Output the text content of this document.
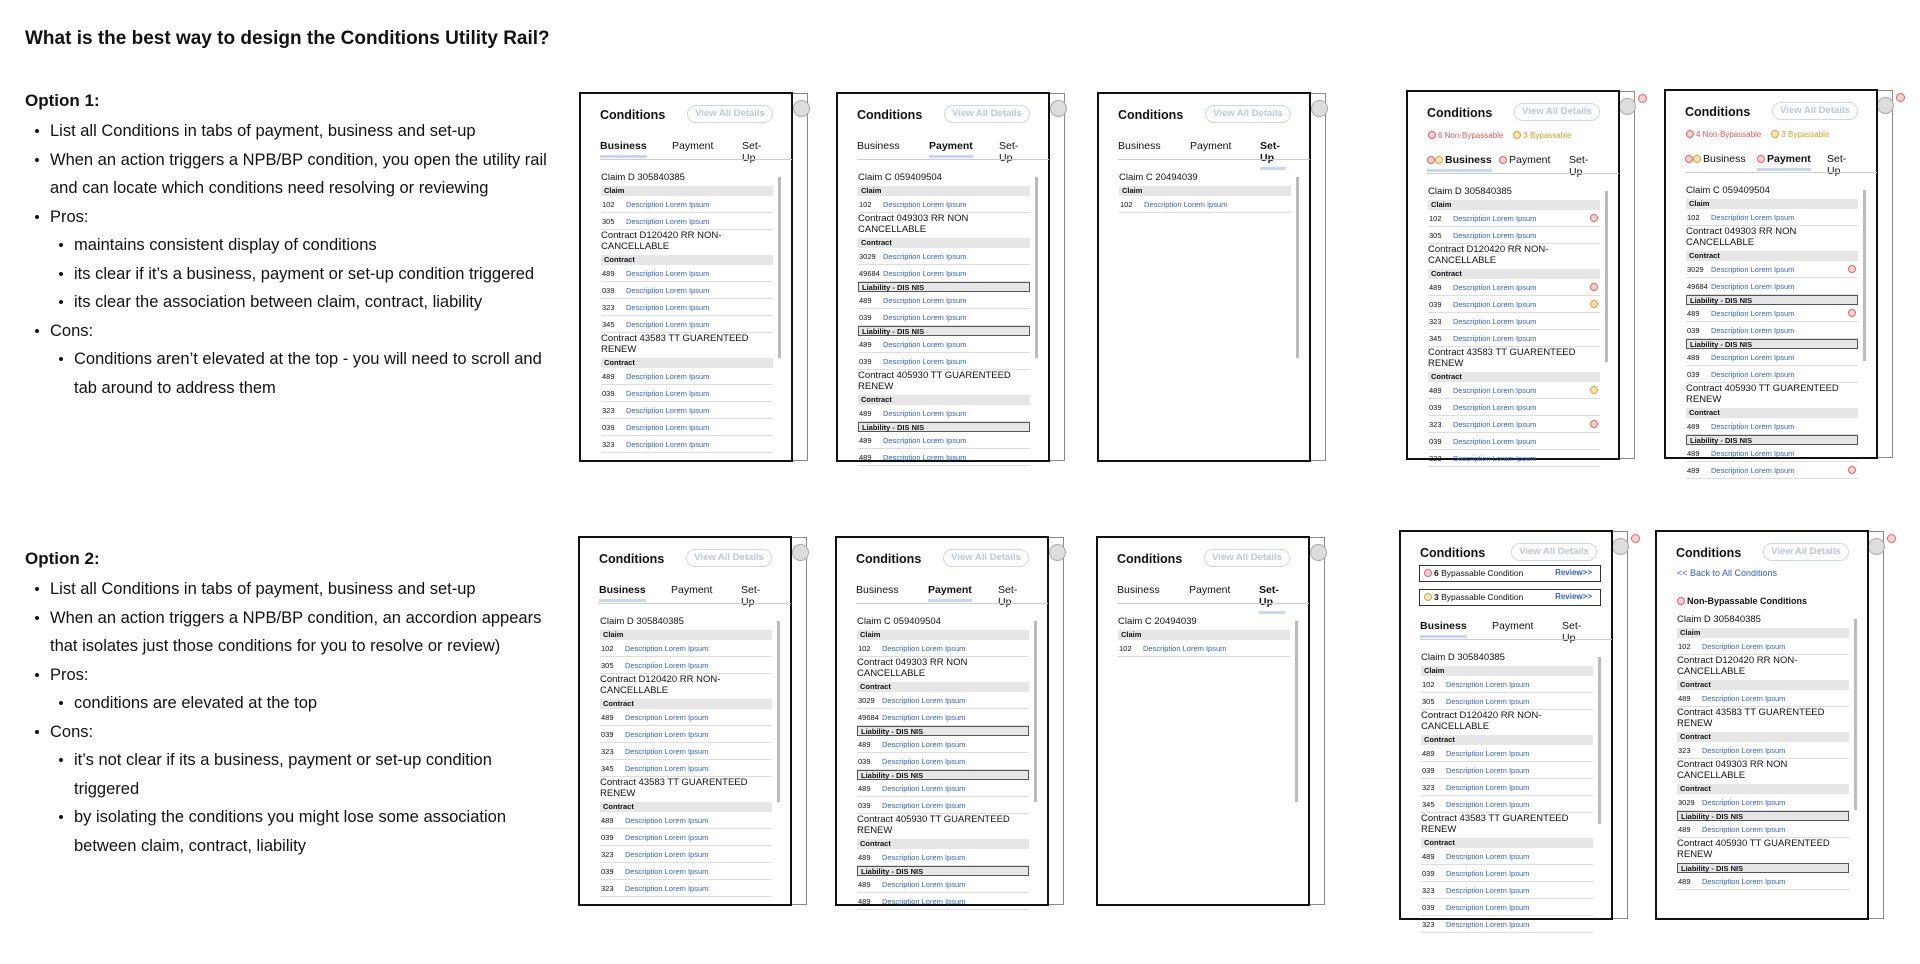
What is the best way to design the Conditions Utility Rail?
Option 1:
List all Conditions in tabs of payment, business and set-up
When an action triggers a NPB/BP condition, you open the utility rail and can locate which conditions need resolving or reviewing
Pros:
maintains consistent display of conditions
its clear if it’s a business, payment or set-up condition triggered
its clear the association between claim, contract, liability
Cons:
Conditions aren’t elevated at the top - you will need to scroll and tab around to address them
Option 2:
List all Conditions in tabs of payment, business and set-up
When an action triggers a NPB/BP condition, an accordion appears that isolates just those conditions for you to resolve or review)
Pros:
conditions are elevated at the top
Cons:
it’s not clear if its a business, payment or set-up condition triggered
by isolating the conditions you might lose some association between claim, contract, liability
Conditions	View All Details
Business Payment	Set-Up
Claim D 305840385
Claim
102	Description Lorem Ipsum
305	Description Lorem Ipsum
Contract D120420 RR NON-CANCELLABLE
Contract
489	Description Lorem Ipsum
039	Description Lorem Ipsum
323	Description Lorem Ipsum
345	Description Lorem Ipsum
Contract 43583 TT GUARENTEED RENEW
Contract
489	Description Lorem Ipsum
039	Description Lorem Ipsum
323	Description Lorem Ipsum
039	Description Lorem Ipsum
323	Description Lorem Ipsum
Conditions	View All Details
Business	Payment Set-Up
Claim C 059409504
Claim
102	Description Lorem Ipsum
Contract 049303 RR NON CANCELLABLE
Contract
3029 Description Lorem Ipsum
49684 Description Lorem Ipsum
Liability - DIS NIS
489	Description Lorem Ipsum
039	Description Lorem Ipsum
Liability - DIS NIS
489	Description Lorem Ipsum
039	Description Lorem Ipsum
Contract 405930 TT GUARENTEED RENEW
Contract
489	Description Lorem Ipsum
Liability - DIS NIS
489	Description Lorem Ipsum
489	Description Lorem Ipsum
Conditions	View All Details
Business	Payment	Set-Up
Claim C 20494039
Claim
102	Description Lorem Ipsum
Conditions	View All Details
6 Non-Bypassable	3 Bypassable
Business	Payment Set-Up
Claim D 305840385
Claim
102	Description Lorem Ipsum
305	Description Lorem Ipsum
Contract D120420 RR NON-CANCELLABLE
Contract
489	Description Lorem Ipsum
039	Description Lorem Ipsum
323	Description Lorem Ipsum
345	Description Lorem Ipsum
Contract 43583 TT GUARENTEED RENEW
Contract
489	Description Lorem Ipsum
039	Description Lorem Ipsum
323	Description Lorem Ipsum
039	Description Lorem Ipsum
323	Description Lorem Ipsum
Conditions	View All Details
4 Non-Bypassable	3 Bypassable
Business	Payment Set-Up
Claim C 059409504
Claim
102	Description Lorem Ipsum
Contract 049303 RR NON CANCELLABLE
Contract
3029 Description Lorem Ipsum
49684 Description Lorem Ipsum
Liability - DIS NIS
489	Description Lorem Ipsum
039	Description Lorem Ipsum
Liability - DIS NIS
489	Description Lorem Ipsum
039	Description Lorem Ipsum
Contract 405930 TT GUARENTEED RENEW
Contract
489	Description Lorem Ipsum
Liability - DIS NIS
489	Description Lorem Ipsum
489	Description Lorem Ipsum
Conditions	View All Details
Business Payment	Set-Up
Claim D 305840385
Claim
102	Description Lorem Ipsum
305	Description Lorem Ipsum
Contract D120420 RR NON-CANCELLABLE
Contract
489	Description Lorem Ipsum
039	Description Lorem Ipsum
323	Description Lorem Ipsum
345	Description Lorem Ipsum
Contract 43583 TT GUARENTEED RENEW
Contract
489	Description Lorem Ipsum
039	Description Lorem Ipsum
323	Description Lorem Ipsum
039	Description Lorem Ipsum
323	Description Lorem Ipsum
Conditions	View All Details
Business	Payment Set-Up
Claim C 059409504
Claim
102	Description Lorem Ipsum
Contract 049303 RR NON CANCELLABLE
Contract
3029 Description Lorem Ipsum
49684 Description Lorem Ipsum
Liability - DIS NIS
489	Description Lorem Ipsum
039	Description Lorem Ipsum
Liability - DIS NIS
489	Description Lorem Ipsum
039	Description Lorem Ipsum
Contract 405930 TT GUARENTEED RENEW
Contract
489	Description Lorem Ipsum
Liability - DIS NIS
489	Description Lorem Ipsum
489	Description Lorem Ipsum
Conditions	View All Details
Business	Payment	Set-Up
Claim C 20494039
Claim
102	Description Lorem Ipsum
Conditions	View All Details
6 Bypassable Condition	Review>>
3 Bypassable Condition	Review>>
Business Payment	Set-Up
Claim D 305840385
Claim
102	Description Lorem Ipsum
305	Description Lorem Ipsum
Contract D120420 RR NON-CANCELLABLE
Contract
489	Description Lorem Ipsum
039	Description Lorem Ipsum
323	Description Lorem Ipsum
345	Description Lorem Ipsum
Contract 43583 TT GUARENTEED RENEW
Contract
489	Description Lorem Ipsum
039	Description Lorem Ipsum
323	Description Lorem Ipsum
039	Description Lorem Ipsum
323	Description Lorem Ipsum
Conditions	View All Details
<< Back to All Conditions
Non-Bypassable Conditions
Claim D 305840385
Claim
102	Description Lorem Ipsum
Contract D120420 RR NON-CANCELLABLE
Contract
489	Description Lorem Ipsum
Contract 43583 TT GUARENTEED RENEW
Contract
323	Description Lorem Ipsum
Contract 049303 RR NON CANCELLABLE
Contract
3029 Description Lorem Ipsum
Liability - DIS NIS
489	Description Lorem Ipsum
Contract 405930 TT GUARENTEED RENEW
Liability - DIS NIS
489	Description Lorem Ipsum
